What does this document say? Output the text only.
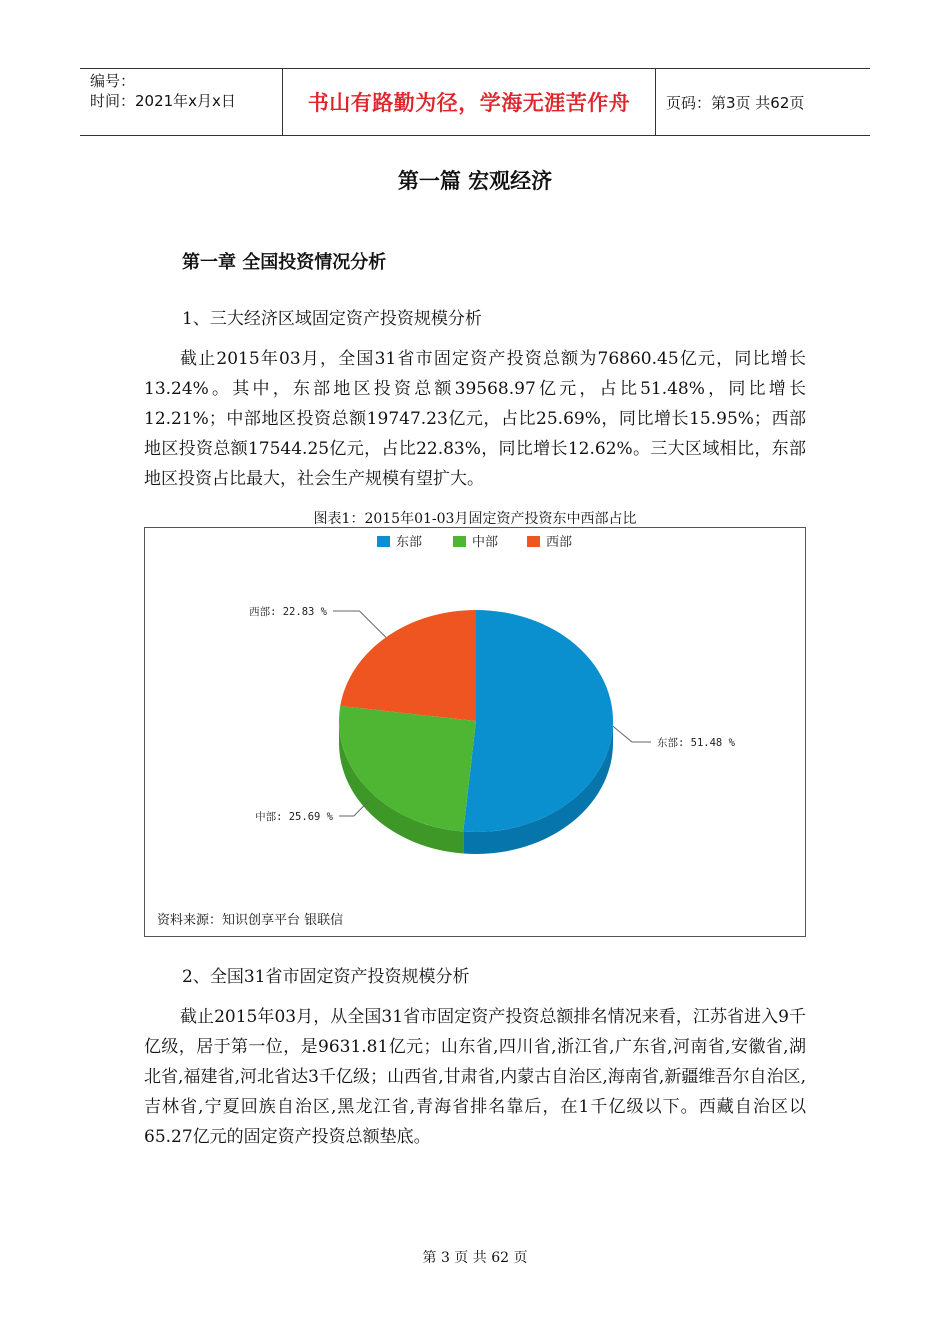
编号：
时间：2021年x月x日	书山有路勤为径，学海无涯苦作舟	页码：第3页 共62页
第一篇 宏观经济
第一章 全国投资情况分析
1、三大经济区域固定资产投资规模分析
截止2015年03月，全国31省市固定资产投资总额为76860.45亿元，同比增长13.24%。其中，东部地区投资总额39568.97亿元，占比51.48%，同比增长12.21%；中部地区投资总额19747.23亿元，占比25.69%，同比增长15.95%；西部地区投资总额17544.25亿元，占比22.83%，同比增长12.62%。三大区域相比，东部地区投资占比最大，社会生产规模有望扩大。
图表1：2015年01-03月固定资产投资东中西部占比
东部	中部	西部
东部: 51.48 %
中部: 25.69 %
西部: 22.83 %
资料来源：知识创享平台 银联信
2、全国31省市固定资产投资规模分析
截止2015年03月，从全国31省市固定资产投资总额排名情况来看，江苏省进入9千亿级，居于第一位，是9631.81亿元；山东省,四川省,浙江省,广东省,河南省,安徽省,湖北省,福建省,河北省达3千亿级；山西省,甘肃省,内蒙古自治区,海南省,新疆维吾尔自治区,吉林省,宁夏回族自治区,黑龙江省,青海省排名靠后，在1千亿级以下。西藏自治区以65.27亿元的固定资产投资总额垫底。
第 3 页 共 62 页
